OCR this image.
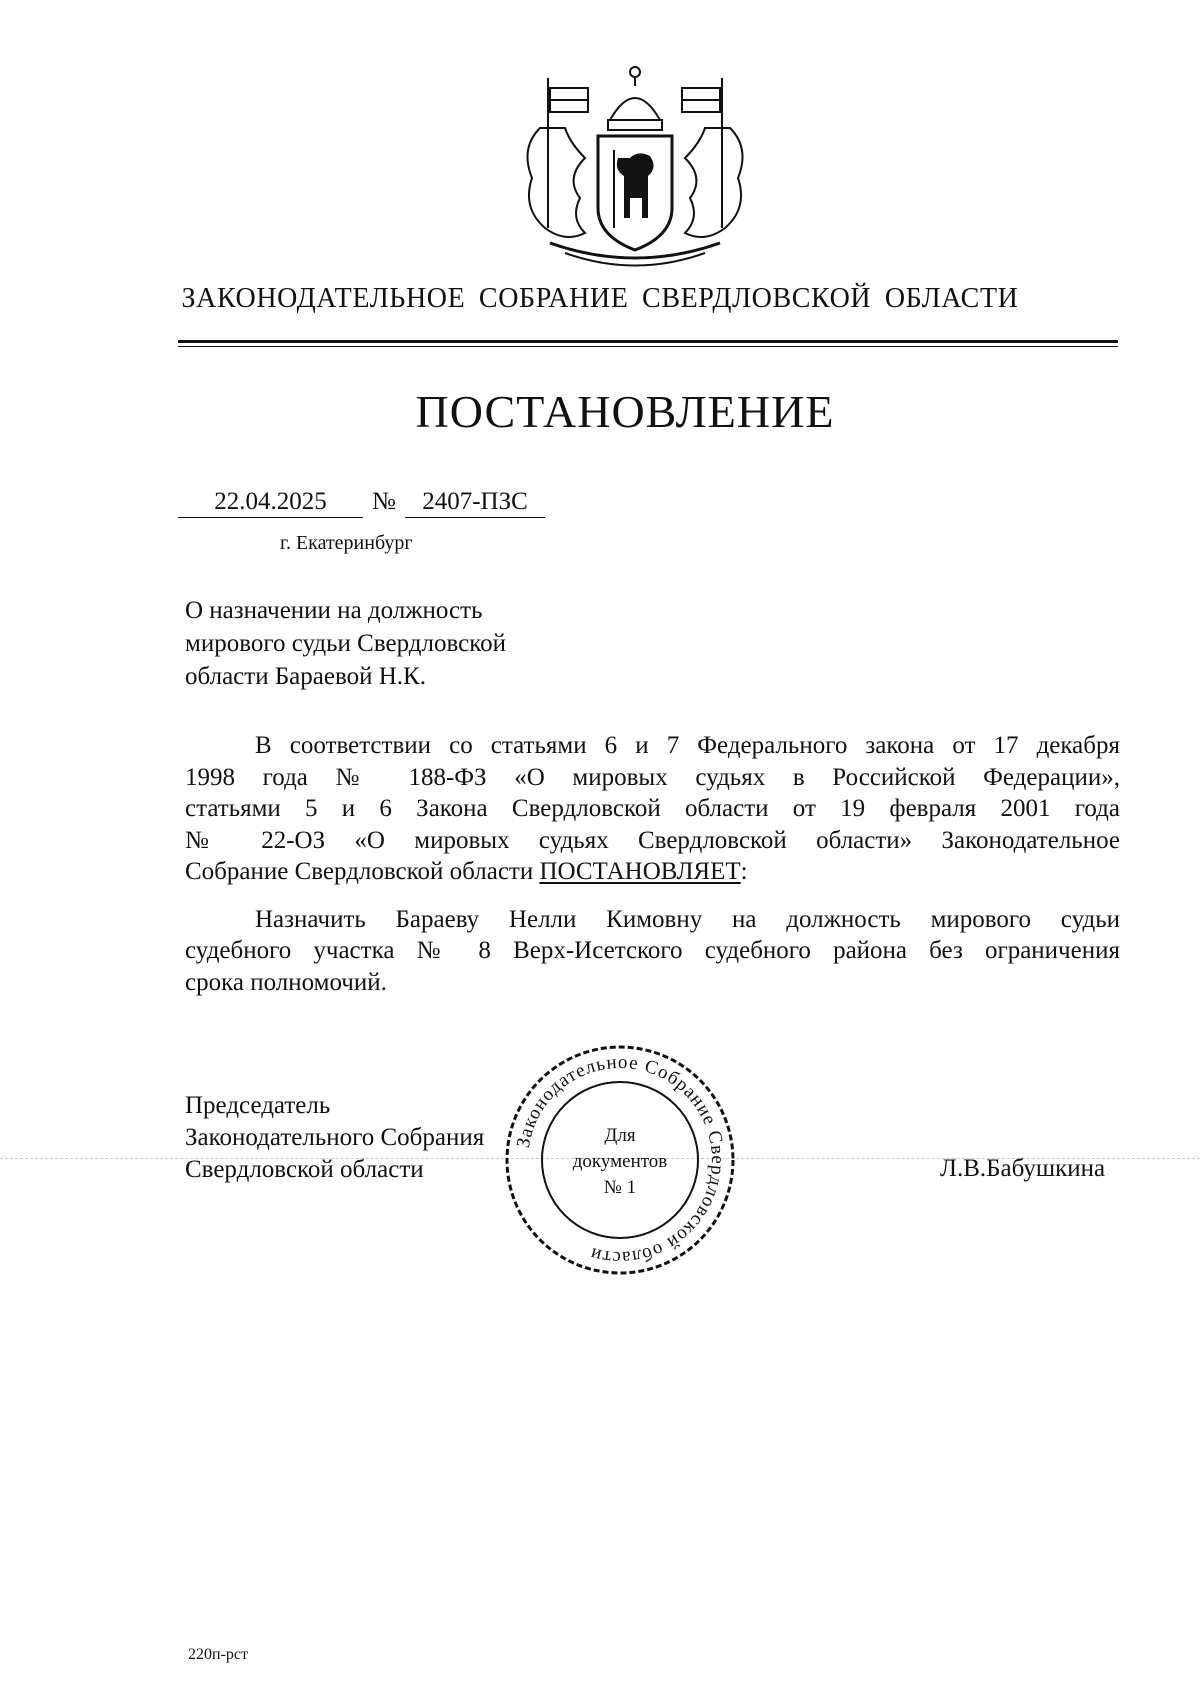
ЗАКОНОДАТЕЛЬНОЕ СОБРАНИЕ СВЕРДЛОВСКОЙ ОБЛАСТИ
ПОСТАНОВЛЕНИЕ
22.04.2025	№	2407-ПЗС
г. Екатеринбург
О назначении на должность
мирового судьи Свердловской
области Бараевой Н.К.
В соответствии со статьями 6 и 7 Федерального закона от 17 декабря
1998 года № 188-ФЗ «О мировых судьях в Российской Федерации»,
статьями 5 и 6 Закона Свердловской области от 19 февраля 2001 года
№ 22-ОЗ «О мировых судьях Свердловской области» Законодательное
Собрание Свердловской области ПОСТАНОВЛЯЕТ:
Назначить Бараеву Нелли Кимовну на должность мирового судьи
судебного участка № 8 Верх-Исетского судебного района без ограничения
срока полномочий.
Председатель
Законодательного Собрания
Свердловской области
Законодательное Собрание Свердловской области
Для
документов
№ 1
Л.В.Бабушкина
220п-рст
